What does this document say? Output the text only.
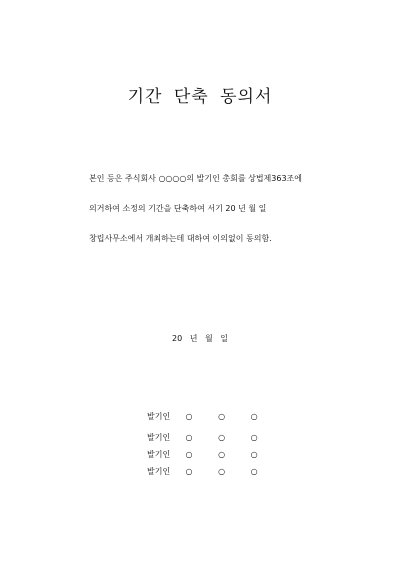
기간 단축 동의서
본인 등은 주식회사 ○○○○의 발기인 총회를 상법제363조에
의거하여 소정의 기간을 단축하여 서기 20 년 월 일
창립사무소에서 개최하는데 대하여 이의없이 동의함.
20 년 월 일
발기인 ○	○	○
발기인 ○	○	○
발기인 ○	○	○
발기인 ○	○	○
